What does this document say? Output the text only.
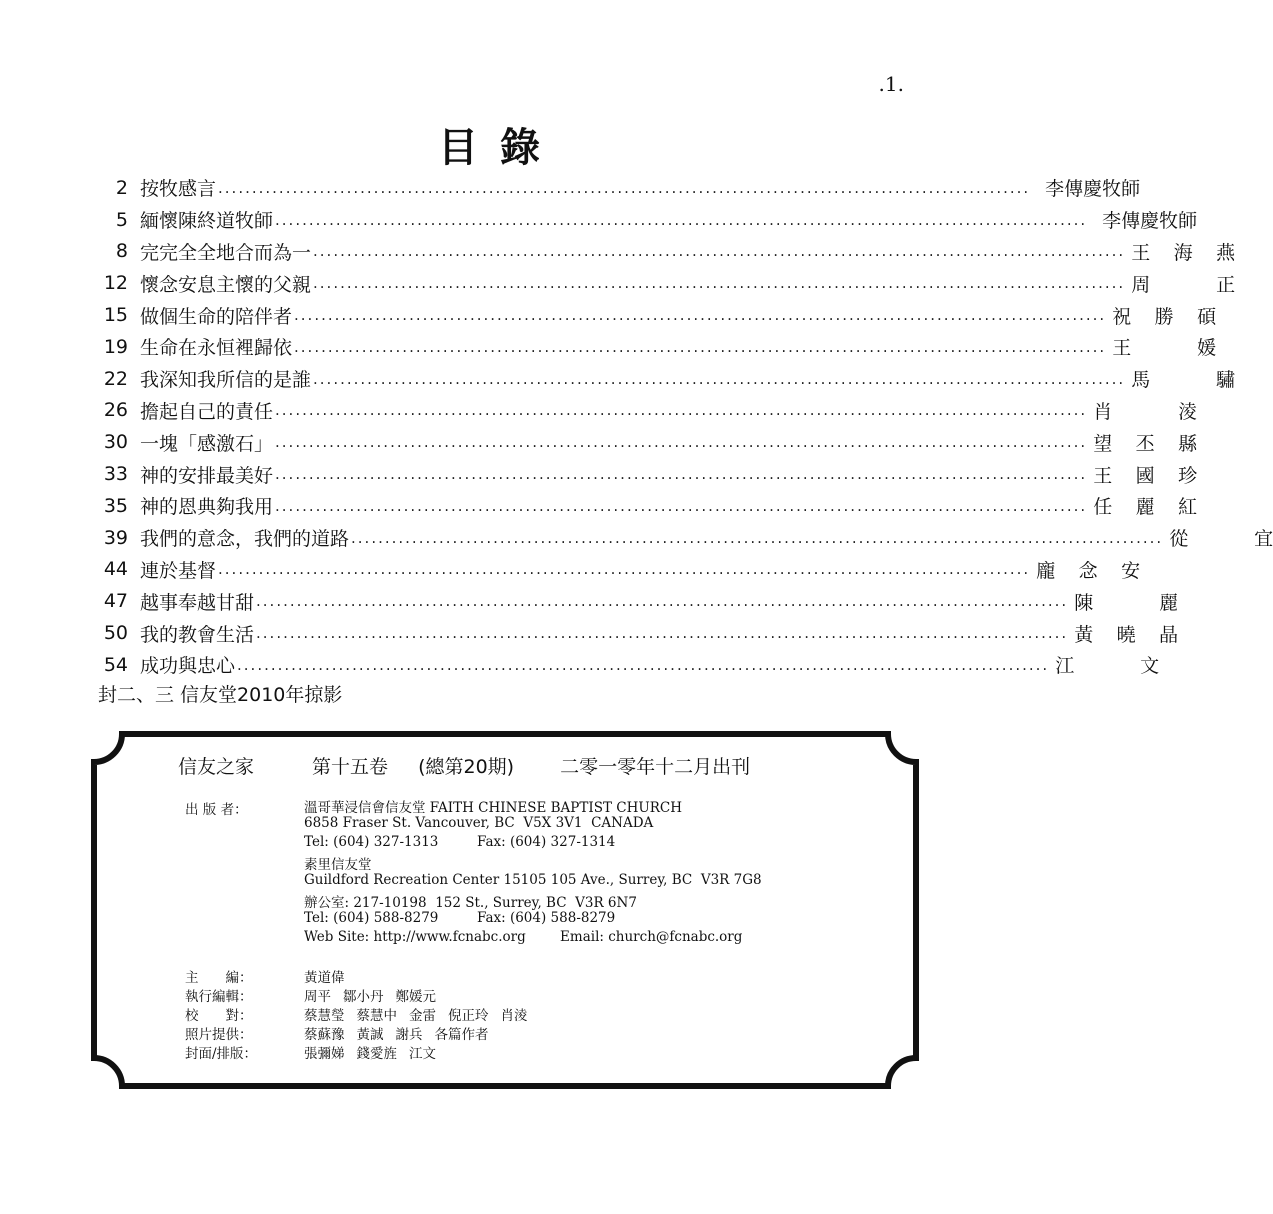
.1.
目錄
2 按牧感言 ........................................................................................................................ 李傳慶牧師
5 緬懷陳終道牧師 ........................................................................................................................ 李傳慶牧師
8 完完全全地合而為一 ........................................................................................................................ 王 海 燕
12 懷念安息主懷的父親 ........................................................................................................................ 周	正
15 做個生命的陪伴者 ........................................................................................................................ 祝 勝 碩
19 生命在永恒裡歸依 ........................................................................................................................ 王	媛
22 我深知我所信的是誰 ........................................................................................................................ 馬	驌
26 擔起自己的責任 ........................................................................................................................ 肖	淩
30 一塊「感激石」 ........................................................................................................................ 望 丕 縣
33 神的安排最美好 ........................................................................................................................ 王 國 珍
35 神的恩典夠我用 ........................................................................................................................ 任 麗 紅
39 我們的意念，我們的道路 ........................................................................................................................ 從	宜
44 連於基督 ........................................................................................................................ 龐 念 安
47 越事奉越甘甜 ........................................................................................................................ 陳	麗
50 我的教會生活 ........................................................................................................................ 黃 曉 晶
54 成功與忠心 ........................................................................................................................ 江	文
封二、三 信友堂2010年掠影
信友之家	第十五卷 (總第20期) 二零一零年十二月出刊
出 版 者：	溫哥華浸信會信友堂 FAITH CHINESE BAPTIST CHURCH
6858 Fraser St. Vancouver, BC  V5X 3V1  CANADA
Tel: (604) 327-1313         Fax: (604) 327-1314
素里信友堂
Guildford Recreation Center 15105 105 Ave., Surrey, BC  V3R 7G8
辦公室: 217-10198  152 St., Surrey, BC  V3R 6N7
Tel: (604) 588-8279         Fax: (604) 588-8279
Web Site: http://www.fcnabc.org        Email: church@fcnabc.org
主　　編：	黃道偉
執行編輯：	周平 鄒小丹 鄭媛元
校　　對：	蔡慧瑩 蔡慧中 金雷 倪正玲 肖淩
照片提供：	蔡蘇豫 黃誠 謝兵 各篇作者
封面/排版：	張彌娣 錢愛旌 江文
